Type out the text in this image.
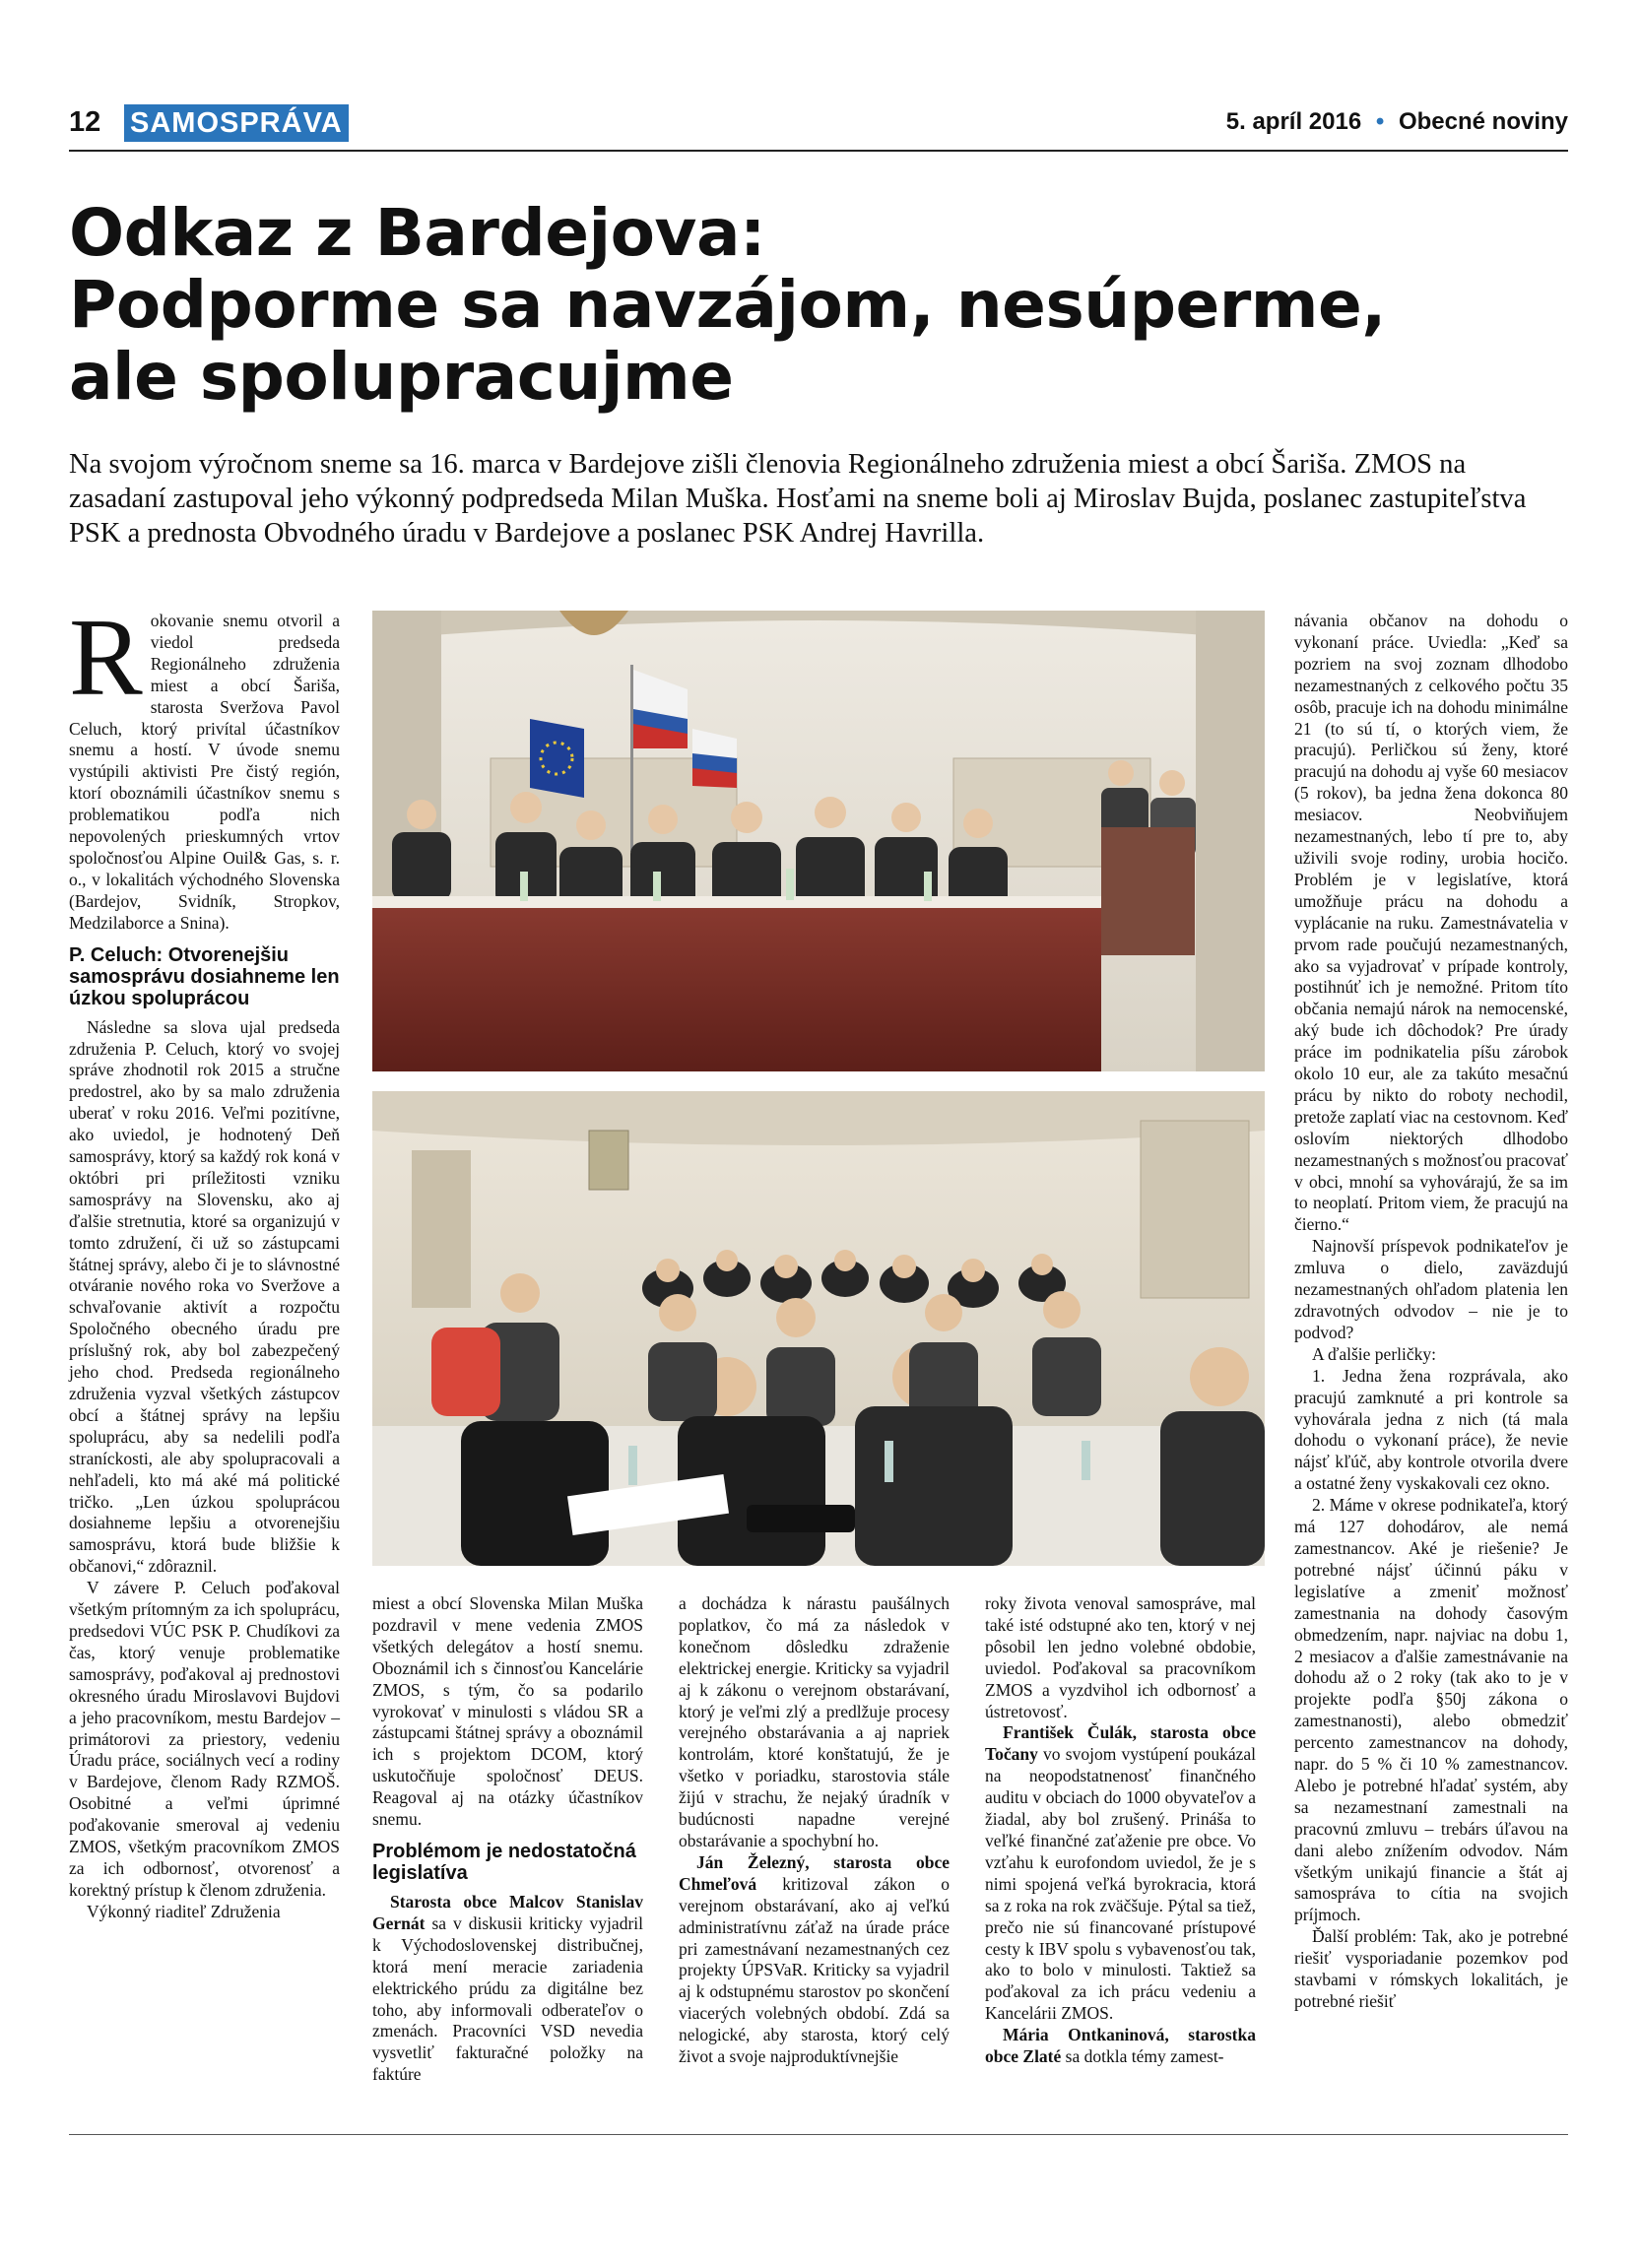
12 SAMOSPRÁVA	5. apríl 2016 • Obecné noviny
Odkaz z Bardejova:
Podporme sa navzájom, nesúperme,
ale spolupracujme

Na svojom výročnom sneme sa 16. marca v Bardejove zišli členovia Regionálneho združenia miest a obcí Šariša. ZMOS na zasadaní zastupoval jeho výkonný podpredseda Milan Muška. Hosťami na sneme boli aj Miroslav Bujda, poslanec zastupiteľstva PSK a prednosta Obvodného úradu v Bardejove a poslanec PSK Andrej Havrilla.

Rokovanie snemu otvoril a viedol predseda Regionálneho združenia miest a obcí Šariša, starosta Sveržova Pavol Celuch, ktorý privítal účastníkov snemu a hostí. V úvode snemu vystúpili aktivisti Pre čistý región, ktorí oboznámili účastníkov snemu s problematikou podľa nich nepovolených prieskumných vrtov spoločnosťou Alpine Ouil& Gas, s. r. o., v lokalitách východného Slovenska (Bardejov, Svidník, Stropkov, Medzilaborce a Snina).

P. Celuch: Otvorenejšiu samosprávu dosiahneme len úzkou spoluprácou

Následne sa slova ujal predseda združenia P. Celuch, ktorý vo svojej správe zhodnotil rok 2015 a stručne predostrel, ako by sa malo združenia uberať v roku 2016. Veľmi pozitívne, ako uviedol, je hodnotený Deň samosprávy, ktorý sa každý rok koná v októbri pri príležitosti vzniku samosprávy na Slovensku, ako aj ďalšie stretnutia, ktoré sa organizujú v tomto združení, či už so zástupcami štátnej správy, alebo či je to slávnostné otváranie nového roka vo Sveržove a schvaľovanie aktivít a rozpočtu Spoločného obecného úradu pre príslušný rok, aby bol zabezpečený jeho chod. Predseda regionálneho združenia vyzval všetkých zástupcov obcí a štátnej správy na lepšiu spoluprácu, aby sa nedelili podľa straníckosti, ale aby spolupracovali a nehľadeli, kto má aké má politické tričko. „Len úzkou spoluprácou dosiahneme lepšiu a otvorenejšiu samosprávu, ktorá bude bližšie k občanovi,“ zdôraznil.

V závere P. Celuch poďakoval všetkým prítomným za ich spoluprácu, predsedovi VÚC PSK P. Chudíkovi za čas, ktorý venuje problematike samosprávy, poďakoval aj prednostovi okresného úradu Miroslavovi Bujdovi a jeho pracovníkom, mestu Bardejov – primátorovi za priestory, vedeniu Úradu práce, sociálnych vecí a rodiny v Bardejove, členom Rady RZMOŠ. Osobitné a veľmi úprimné poďakovanie smeroval aj vedeniu ZMOS, všetkým pracovníkom ZMOS za ich odbornosť, otvorenosť a korektný prístup k členom združenia.

Výkonný riaditeľ Združenia

miest a obcí Slovenska Milan Muška pozdravil v mene vedenia ZMOS všetkých delegátov a hostí snemu. Oboznámil ich s činnosťou Kancelárie ZMOS, s tým, čo sa podarilo vyrokovať v minulosti s vládou SR a zástupcami štátnej správy a oboznámil ich s projektom DCOM, ktorý uskutočňuje spoločnosť DEUS. Reagoval aj na otázky účastníkov snemu.

Problémom je nedostatočná legislatíva

Starosta obce Malcov Stanislav Gernát sa v diskusii kriticky vyjadril k Východoslovenskej distribučnej, ktorá mení meracie zariadenia elektrického prúdu za digitálne bez toho, aby informovali odberateľov o zmenách. Pracovníci VSD nevedia vysvetliť fakturačné položky na faktúre

a dochádza k nárastu paušálnych poplatkov, čo má za následok v konečnom dôsledku zdraženie elektrickej energie. Kriticky sa vyjadril aj k zákonu o verejnom obstarávaní, ktorý je veľmi zlý a predlžuje procesy verejného obstarávania a aj napriek kontrolám, ktoré konštatujú, že je všetko v poriadku, starostovia stále žijú v strachu, že nejaký úradník v budúcnosti napadne verejné obstarávanie a spochybní ho.

Ján Železný, starosta obce Chmeľová kritizoval zákon o verejnom obstarávaní, ako aj veľkú administratívnu záťaž na úrade práce pri zamestnávaní nezamestnaných cez projekty ÚPSVaR. Kriticky sa vyjadril aj k odstupnému starostov po skončení viacerých volebných období. Zdá sa nelogické, aby starosta, ktorý celý život a svoje najproduktívnejšie

roky života venoval samospráve, mal také isté odstupné ako ten, ktorý v nej pôsobil len jedno volebné obdobie, uviedol. Poďakoval sa pracovníkom ZMOS a vyzdvihol ich odbornosť a ústretovosť.

František Čulák, starosta obce Točany vo svojom vystúpení poukázal na neopodstatnenosť finančného auditu v obciach do 1000 obyvateľov a žiadal, aby bol zrušený. Prináša to veľké finančné zaťaženie pre obce. Vo vzťahu k eurofondom uviedol, že je s nimi spojená veľká byrokracia, ktorá sa z roka na rok zväčšuje. Pýtal sa tiež, prečo nie sú financované prístupové cesty k IBV spolu s vybavenosťou tak, ako to bolo v minulosti. Taktiež sa poďakoval za ich prácu vedeniu a Kancelárii ZMOS.

Mária Ontkaninová, starostka obce Zlaté sa dotkla témy zamest-

návania občanov na dohodu o vykonaní práce. Uviedla: „Keď sa pozriem na svoj zoznam dlhodobo nezamestnaných z celkového počtu 35 osôb, pracuje ich na dohodu minimálne 21 (to sú tí, o ktorých viem, že pracujú). Perličkou sú ženy, ktoré pracujú na dohodu aj vyše 60 mesiacov (5 rokov), ba jedna žena dokonca 80 mesiacov. Neobviňujem nezamestnaných, lebo tí pre to, aby uživili svoje rodiny, urobia hocičo. Problém je v legislatíve, ktorá umožňuje prácu na dohodu a vyplácanie na ruku. Zamestnávatelia v prvom rade poučujú nezamestnaných, ako sa vyjadrovať v prípade kontroly, postihnúť ich je nemožné. Pritom títo občania nemajú nárok na nemocenské, aký bude ich dôchodok? Pre úrady práce im podnikatelia píšu zárobok okolo 10 eur, ale za takúto mesačnú prácu by nikto do roboty nechodil, pretože zaplatí viac na cestovnom. Keď oslovím niektorých dlhodobo nezamestnaných s možnosťou pracovať v obci, mnohí sa vyhovárajú, že sa im to neoplatí. Pritom viem, že pracujú na čierno.“

Najnovší príspevok podnikateľov je zmluva o dielo, zaväzdujú nezamestnaných ohľadom platenia len zdravotných odvodov – nie je to podvod?

A ďalšie perličky:

1. Jedna žena rozprávala, ako pracujú zamknuté a pri kontrole sa vyhovárala jedna z nich (tá mala dohodu o vykonaní práce), že nevie nájsť kľúč, aby kontrole otvorila dvere a ostatné ženy vyskakovali cez okno.

2. Máme v okrese podnikateľa, ktorý má 127 dohodárov, ale nemá zamestnancov. Aké je riešenie? Je potrebné nájsť účinnú páku v legislatíve a zmeniť možnosť zamestnania na dohody časovým obmedzením, napr. najviac na dobu 1, 2 mesiacov a ďalšie zamestnávanie na dohodu až o 2 roky (tak ako to je v projekte podľa §50j zákona o zamestnanosti), alebo obmedziť percento zamestnancov na dohody, napr. do 5 % či 10 % zamestnancov. Alebo je potrebné hľadať systém, aby sa nezamestnaní zamestnali na pracovnú zmluvu – trebárs úľavou na dani alebo znížením odvodov. Nám všetkým unikajú financie a štát aj samospráva to cítia na svojich príjmoch.

Ďalší problém: Tak, ako je potrebné riešiť vysporiadanie pozemkov pod stavbami v rómskych lokalitách, je potrebné riešiť
